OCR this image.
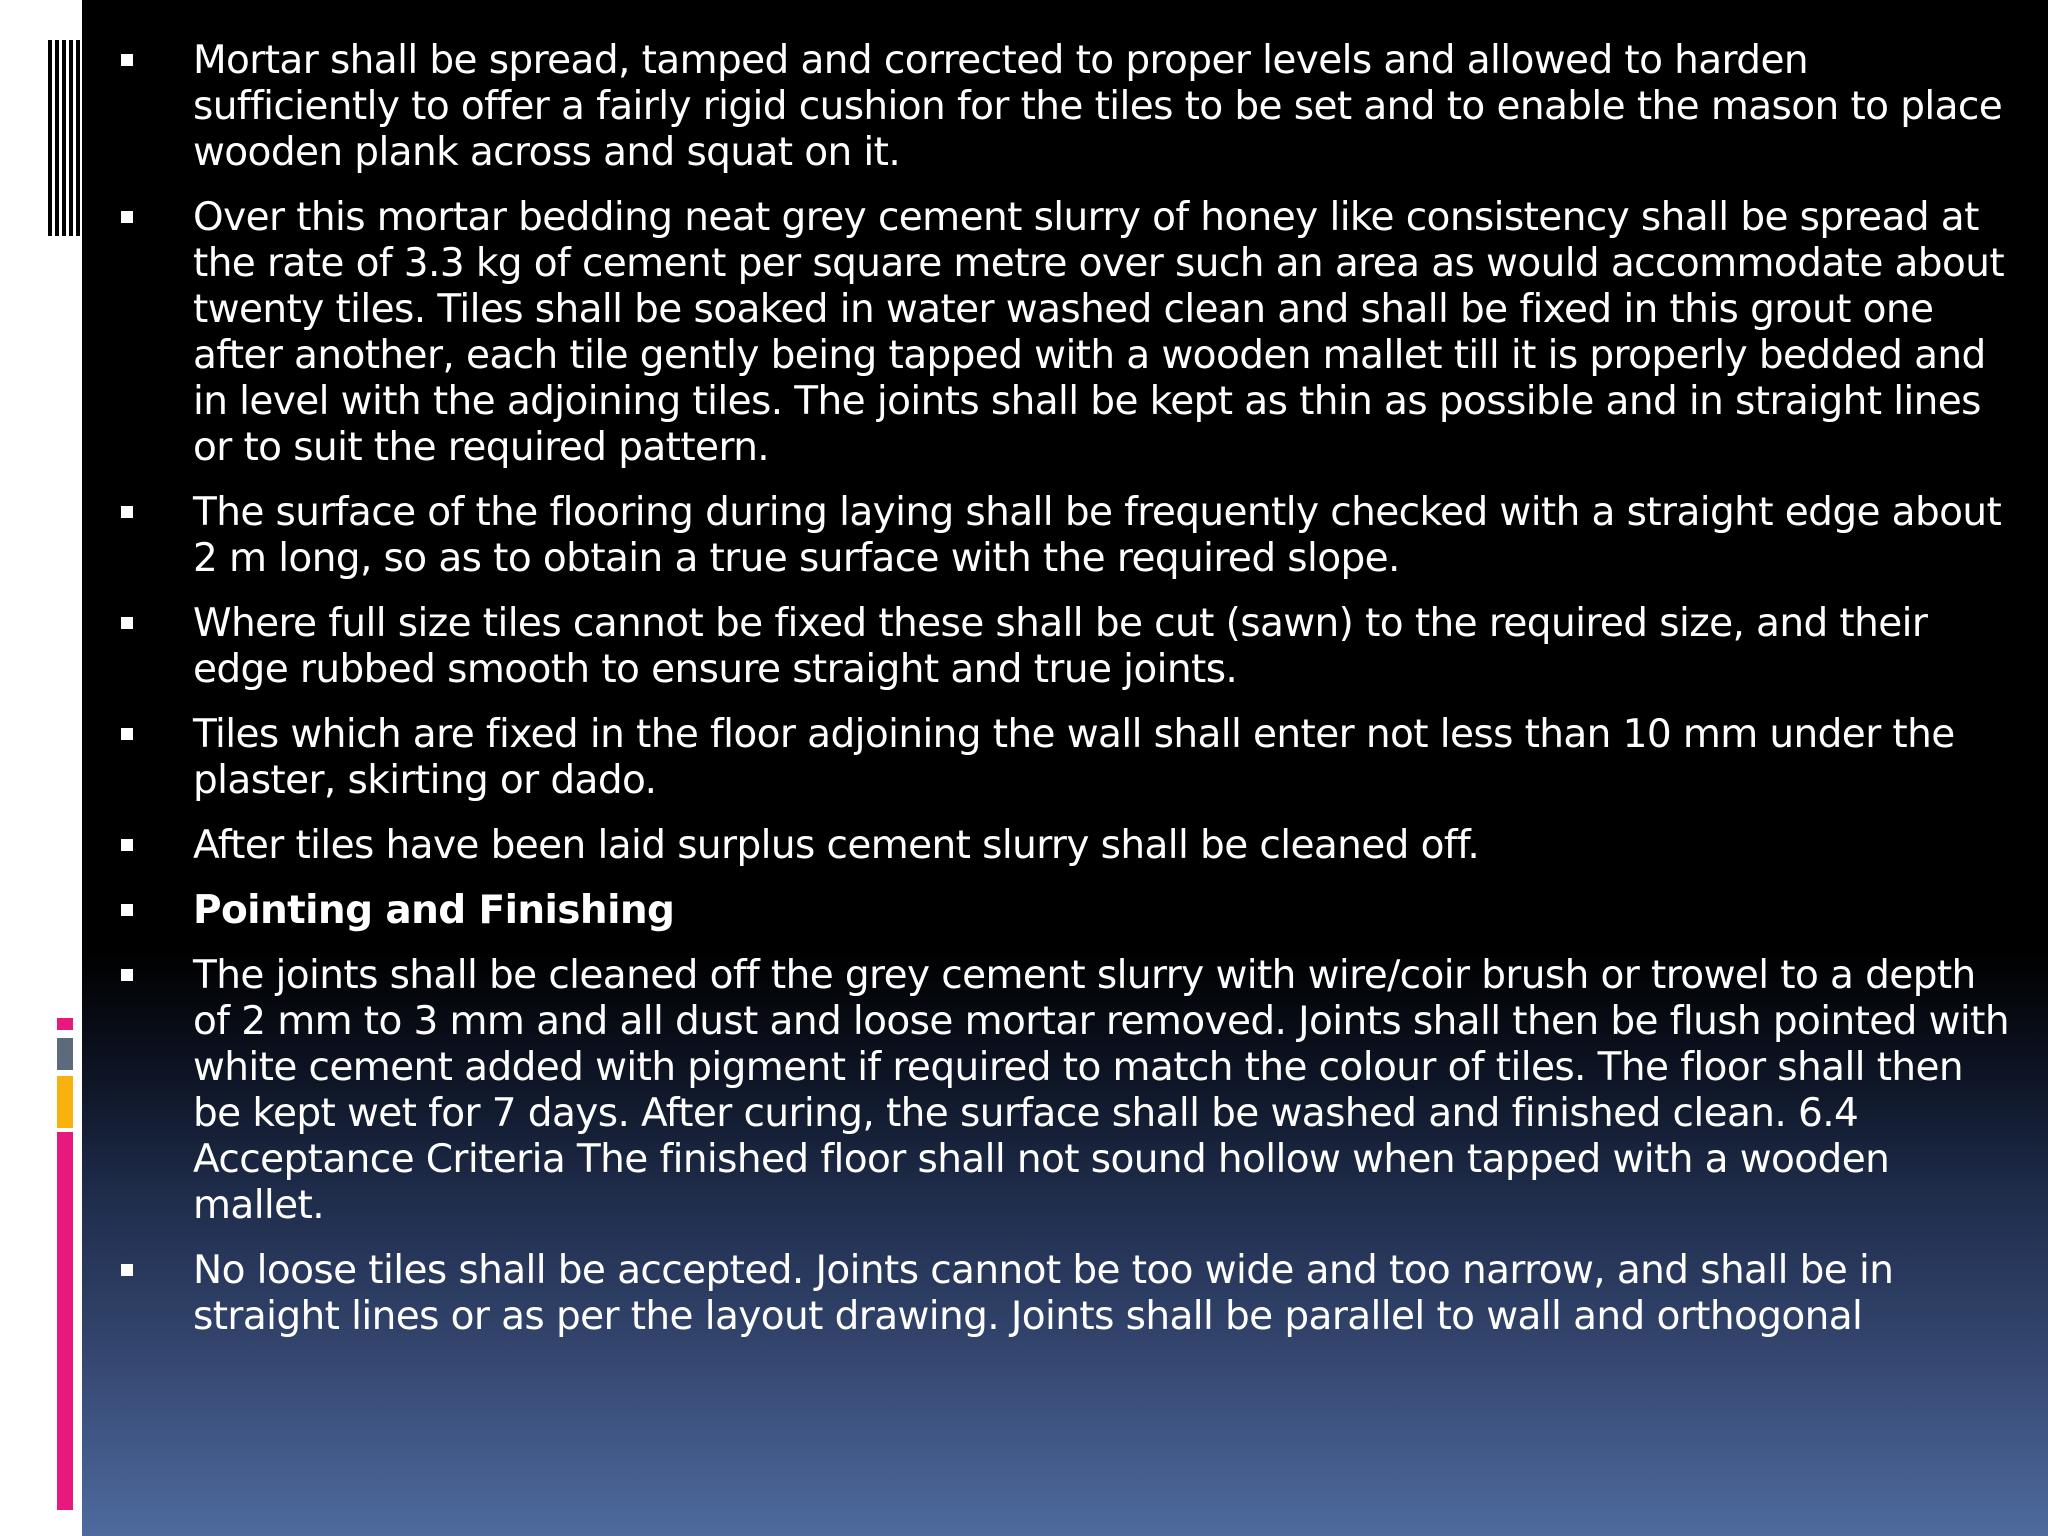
Mortar shall be spread, tamped and corrected to proper levels and allowed to harden sufficiently to offer a fairly rigid cushion for the tiles to be set and to enable the mason to place wooden plank across and squat on it.
Over this mortar bedding neat grey cement slurry of honey like consistency shall be spread at the rate of 3.3 kg of cement per square metre over such an area as would accommodate about twenty tiles. Tiles shall be soaked in water washed clean and shall be fixed in this grout one after another, each tile gently being tapped with a wooden mallet till it is properly bedded and in level with the adjoining tiles. The joints shall be kept as thin as possible and in straight lines or to suit the required pattern.
The surface of the flooring during laying shall be frequently checked with a straight edge about 2 m long, so as to obtain a true surface with the required slope.
Where full size tiles cannot be fixed these shall be cut (sawn) to the required size, and their edge rubbed smooth to ensure straight and true joints.
Tiles which are fixed in the floor adjoining the wall shall enter not less than 10 mm under the plaster, skirting or dado.
After tiles have been laid surplus cement slurry shall be cleaned off.
Pointing and Finishing
The joints shall be cleaned off the grey cement slurry with wire/coir brush or trowel to a depth of 2 mm to 3 mm and all dust and loose mortar removed. Joints shall then be flush pointed with white cement added with pigment if required to match the colour of tiles. The floor shall then be kept wet for 7 days. After curing, the surface shall be washed and finished clean. 6.4 Acceptance Criteria The finished floor shall not sound hollow when tapped with a wooden mallet.
No loose tiles shall be accepted. Joints cannot be too wide and too narrow, and shall be in straight lines or as per the layout drawing. Joints shall be parallel to wall and orthogonal
